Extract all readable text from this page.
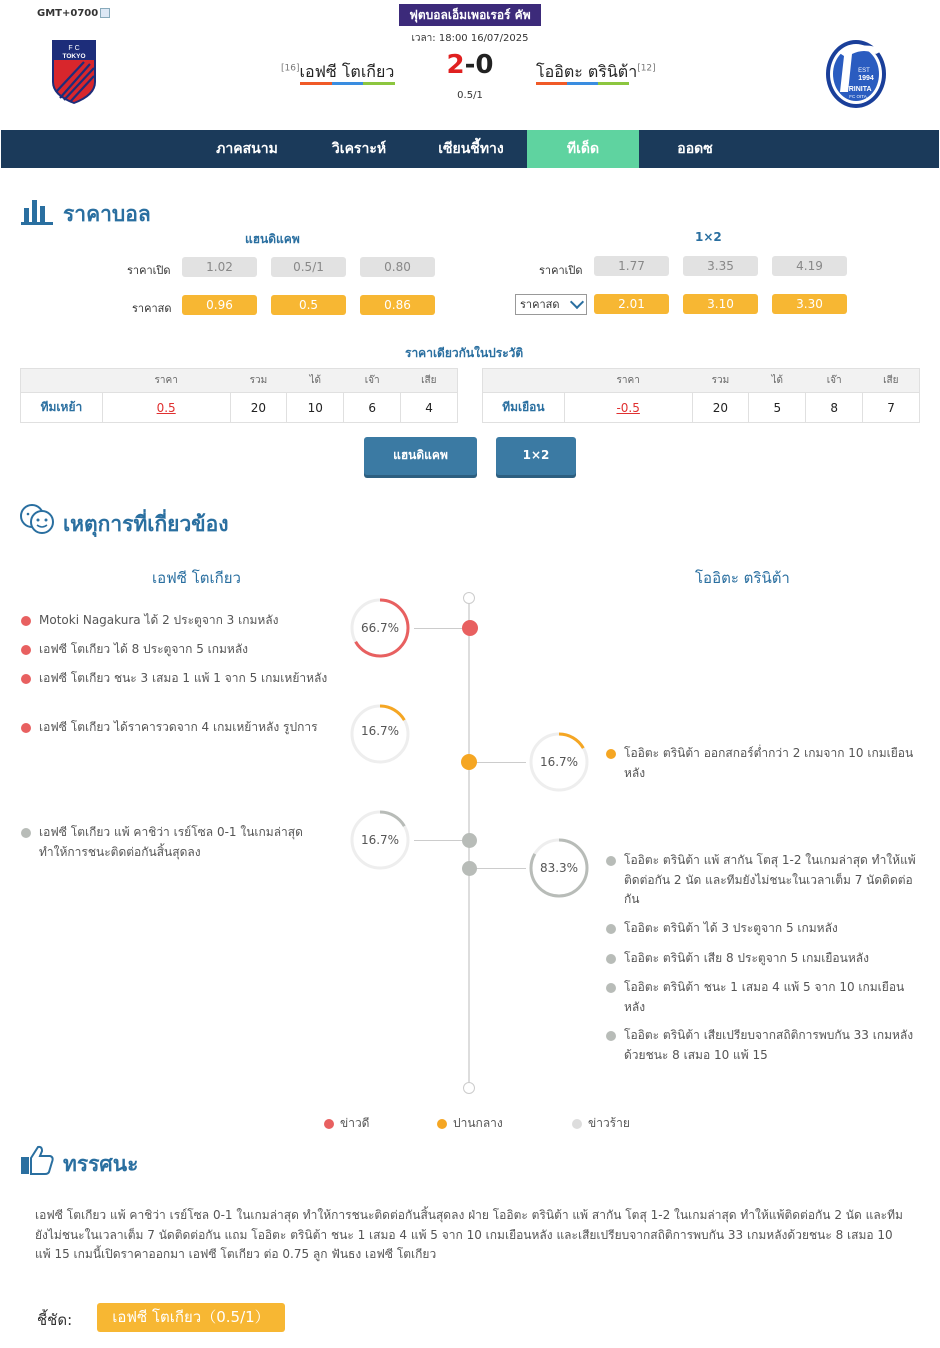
GMT+0700	ฟุตบอลเอ็มเพอเรอร์ คัพ
เวลา: 18:00 16/07/2025
F C
TOKYO
[16]เอฟซี โตเกียว 2-0
0.5/1
โออิตะ ตรินิต้า[12]	EST
1994
TRINITA
FC OITA
ภาคสนาม	วิเคราะห์	เซียนชี้ทาง	ทีเด็ด	ออดซ
ราคาบอล
แฮนดิแคพ	1×2
ราคาเปิด	1.02	0.5/1	0.80
ราคาสด	0.96	0.5	0.86
ราคาเปิด	1.77	3.35	4.19
ราคาสด	2.01	3.10	3.30
ราคาเดียวกันในประวัติ
	ราคา	รวม	ได้	เจ๊า	เสีย
ทีมเหย้า	0.5	20	10	6	4
	ราคา	รวม	ได้	เจ๊า	เสีย
ทีมเยือน	-0.5	20	5	8	7
แฮนดิแคพ	1×2
เหตุการที่เกี่ยวข้อง
เอฟซี โตเกียว	โออิตะ ตรินิต้า
66.7%
Motoki Nagakura ได้ 2 ประตูจาก 3 เกมหลัง
เอฟซี โตเกียว ได้ 8 ประตูจาก 5 เกมหลัง
เอฟซี โตเกียว ชนะ 3 เสมอ 1 แพ้ 1 จาก 5 เกมเหย้าหลัง
เอฟซี โตเกียว ได้ราคารวดจาก 4 เกมเหย้าหลัง รูปการ	16.7%
16.7%
โออิตะ ตรินิต้า ออกสกอร์ต่ำกว่า 2 เกมจาก 10 เกมเยือนหลัง
16.7%
เอฟซี โตเกียว แพ้ คาชิว่า เรย์โซล 0-1 ในเกมล่าสุด ทำให้การชนะติดต่อกันสิ้นสุดลง
83.3%
โออิตะ ตรินิต้า แพ้ สากัน โตสุ 1-2 ในเกมล่าสุด ทำให้แพ้ติดต่อกัน 2 นัด และทีมยังไม่ชนะในเวลาเต็ม 7 นัดติดต่อกัน
โออิตะ ตรินิต้า ได้ 3 ประตูจาก 5 เกมหลัง
โออิตะ ตรินิต้า เสีย 8 ประตูจาก 5 เกมเยือนหลัง
โออิตะ ตรินิต้า ชนะ 1 เสมอ 4 แพ้ 5 จาก 10 เกมเยือนหลัง
โออิตะ ตรินิต้า เสียเปรียบจากสถิติการพบกัน 33 เกมหลังด้วยชนะ 8 เสมอ 10 แพ้ 15
ข่าวดี	ปานกลาง	ข่าวร้าย
ทรรศนะ
เอฟซี โตเกียว แพ้ คาชิว่า เรย์โซล 0-1 ในเกมล่าสุด ทำให้การชนะติดต่อกันสิ้นสุดลง ฝ่าย โออิตะ ตรินิต้า แพ้ สากัน โตสุ 1-2 ในเกมล่าสุด ทำให้แพ้ติดต่อกัน 2 นัด และทีมยังไม่ชนะในเวลาเต็ม 7 นัดติดต่อกัน แถม โออิตะ ตรินิต้า ชนะ 1 เสมอ 4 แพ้ 5 จาก 10 เกมเยือนหลัง และเสียเปรียบจากสถิติการพบกัน 33 เกมหลังด้วยชนะ 8 เสมอ 10 แพ้ 15 เกมนี้เปิดราคาออกมา เอฟซี โตเกียว ต่อ 0.75 ลูก ฟันธง เอฟซี โตเกียว
ชี้ชัด:	เอฟซี โตเกียว（0.5/1）
